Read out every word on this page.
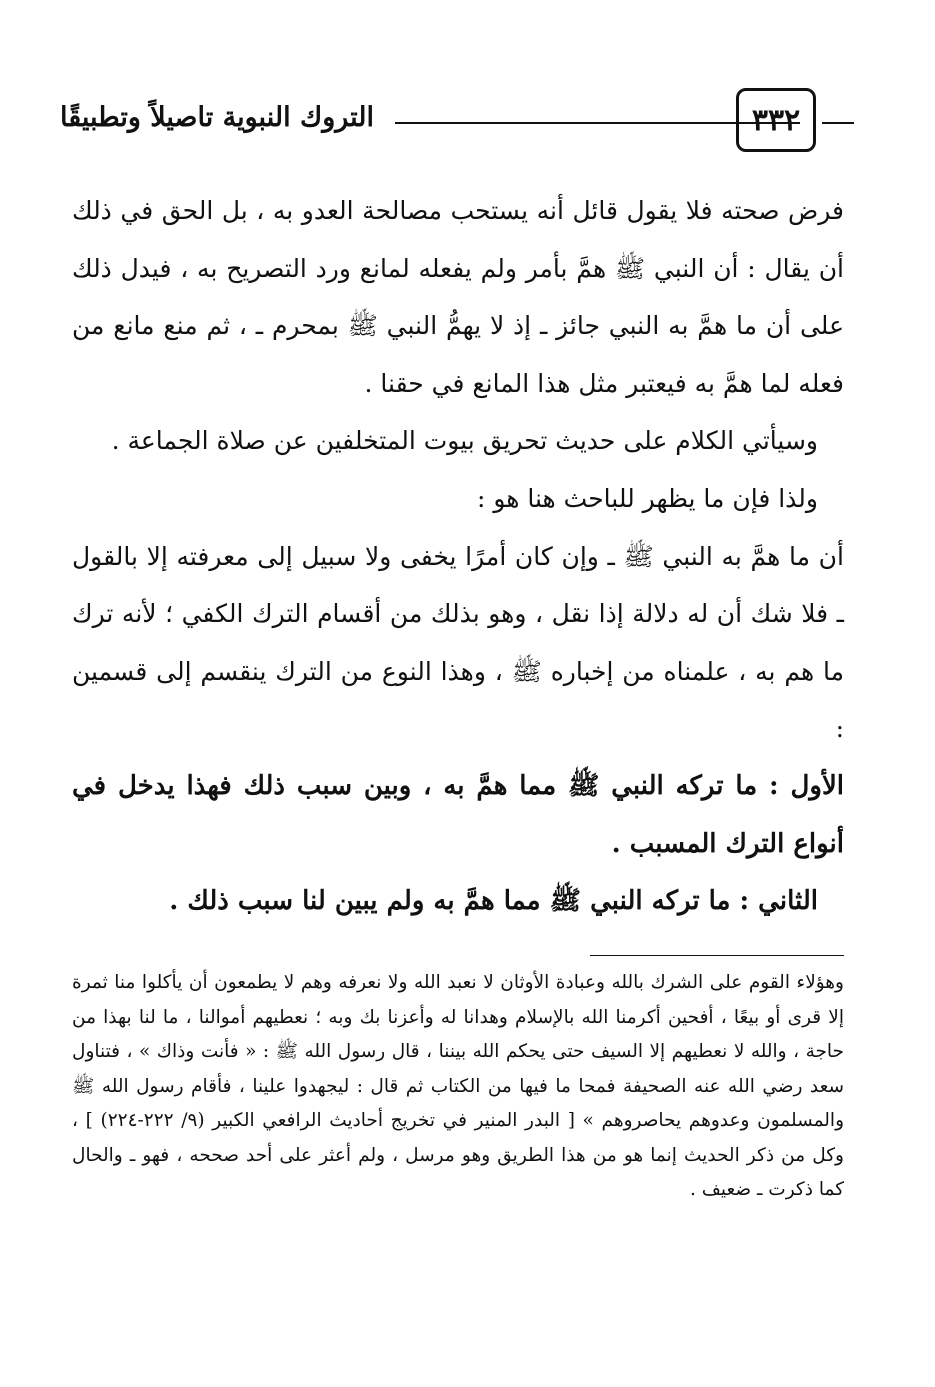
التروك النبوية تاصيلاً وتطبيقًا	٣٣٢

فرض صحته فلا يقول قائل أنه يستحب مصالحة العدو به ، بل الحق في ذلك أن يقال : أن النبي ﷺ همَّ بأمر ولم يفعله لمانع ورد التصريح به ، فيدل ذلك على أن ما همَّ به النبي جائز ـ إذ لا يهمُّ النبي ﷺ بمحرم ـ ، ثم منع مانع من فعله لما همَّ به فيعتبر مثل هذا المانع في حقنا .

وسيأتي الكلام على حديث تحريق بيوت المتخلفين عن صلاة الجماعة .

ولذا فإن ما يظهر للباحث هنا هو :

أن ما همَّ به النبي ﷺ ـ وإن كان أمرًا يخفى ولا سبيل إلى معرفته إلا بالقول ـ فلا شك أن له دلالة إذا نقل ، وهو بذلك من أقسام الترك الكفي ؛ لأنه ترك ما هم به ، علمناه من إخباره ﷺ ، وهذا النوع من الترك ينقسم إلى قسمين :

الأول : ما تركه النبي ﷺ مما همَّ به ، وبين سبب ذلك فهذا يدخل في أنواع الترك المسبب .

الثاني : ما تركه النبي ﷺ مما همَّ به ولم يبين لنا سبب ذلك .

وهؤلاء القوم على الشرك بالله وعبادة الأوثان لا نعبد الله ولا نعرفه وهم لا يطمعون أن يأكلوا منا ثمرة إلا قرى أو بيعًا ، أفحين أكرمنا الله بالإسلام وهدانا له وأعزنا بك وبه ؛ نعطيهم أموالنا ، ما لنا بهذا من حاجة ، والله لا نعطيهم إلا السيف حتى يحكم الله بيننا ، قال رسول الله ﷺ : « فأنت وذاك » ، فتناول سعد رضي الله عنه الصحيفة فمحا ما فيها من الكتاب ثم قال : ليجهدوا علينا ، فأقام رسول الله ﷺ والمسلمون وعدوهم يحاصروهم » [ البدر المنير في تخريج أحاديث الرافعي الكبير (٩/ ٢٢٢-٢٢٤) ] ، وكل من ذكر الحديث إنما هو من هذا الطريق وهو مرسل ، ولم أعثر على أحد صححه ، فهو ـ والحال كما ذكرت ـ ضعيف .
